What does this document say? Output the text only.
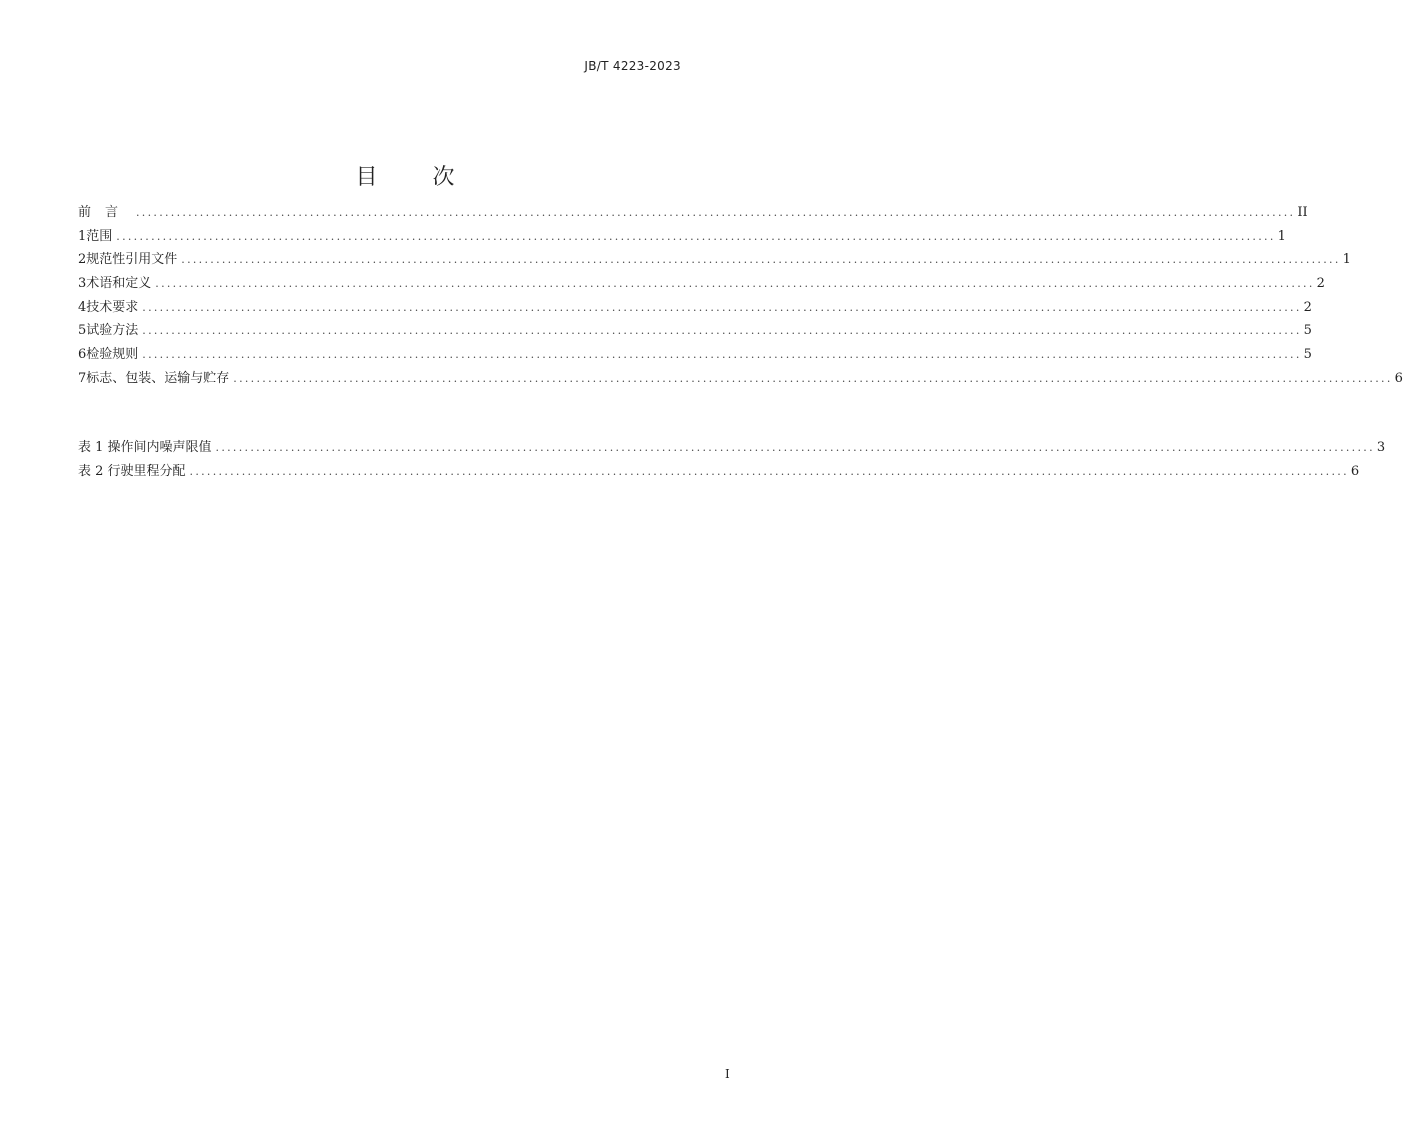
JB/T 4223-2023
目 次
前言 ........................................................................................................................................................................................................ II
1 范围 ........................................................................................................................................................................................................ 1
2 规范性引用文件 ........................................................................................................................................................................................................ 1
3 术语和定义 ........................................................................................................................................................................................................ 2
4 技术要求 ........................................................................................................................................................................................................ 2
5 试验方法 ........................................................................................................................................................................................................ 5
6 检验规则 ........................................................................................................................................................................................................ 5
7 标志、包装、运输与贮存 ........................................................................................................................................................................................................ 6
表 1 操作间内噪声限值 ........................................................................................................................................................................................................ 3
表 2 行驶里程分配 ........................................................................................................................................................................................................ 6
I
